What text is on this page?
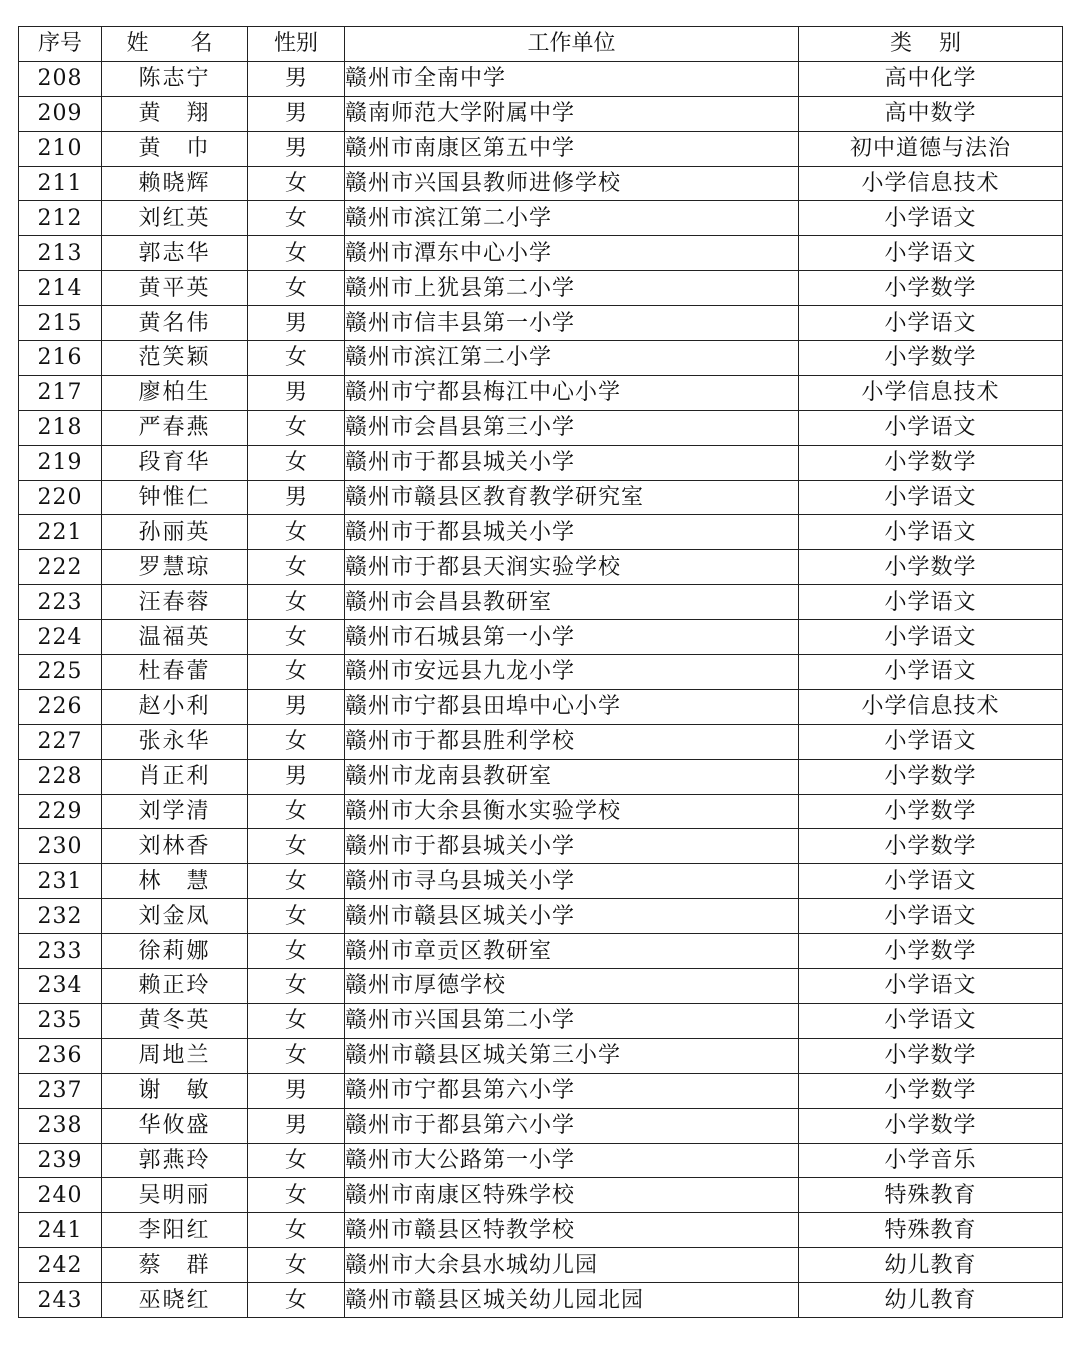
序号	姓　名	性别	工作单位	类 别
208	陈志宁	男	赣州市全南中学	高中化学
209	黄　翔	男	赣南师范大学附属中学	高中数学
210	黄　巾	男	赣州市南康区第五中学	初中道德与法治
211	赖晓辉	女	赣州市兴国县教师进修学校	小学信息技术
212	刘红英	女	赣州市滨江第二小学	小学语文
213	郭志华	女	赣州市潭东中心小学	小学语文
214	黄平英	女	赣州市上犹县第二小学	小学数学
215	黄名伟	男	赣州市信丰县第一小学	小学语文
216	范笑颖	女	赣州市滨江第二小学	小学数学
217	廖柏生	男	赣州市宁都县梅江中心小学	小学信息技术
218	严春燕	女	赣州市会昌县第三小学	小学语文
219	段育华	女	赣州市于都县城关小学	小学数学
220	钟惟仁	男	赣州市赣县区教育教学研究室	小学语文
221	孙丽英	女	赣州市于都县城关小学	小学语文
222	罗慧琼	女	赣州市于都县天润实验学校	小学数学
223	汪春蓉	女	赣州市会昌县教研室	小学语文
224	温福英	女	赣州市石城县第一小学	小学语文
225	杜春蕾	女	赣州市安远县九龙小学	小学语文
226	赵小利	男	赣州市宁都县田埠中心小学	小学信息技术
227	张永华	女	赣州市于都县胜利学校	小学语文
228	肖正利	男	赣州市龙南县教研室	小学数学
229	刘学清	女	赣州市大余县衡水实验学校	小学数学
230	刘林香	女	赣州市于都县城关小学	小学数学
231	林　慧	女	赣州市寻乌县城关小学	小学语文
232	刘金凤	女	赣州市赣县区城关小学	小学语文
233	徐莉娜	女	赣州市章贡区教研室	小学数学
234	赖正玲	女	赣州市厚德学校	小学语文
235	黄冬英	女	赣州市兴国县第二小学	小学语文
236	周地兰	女	赣州市赣县区城关第三小学	小学数学
237	谢　敏	男	赣州市宁都县第六小学	小学数学
238	华攸盛	男	赣州市于都县第六小学	小学数学
239	郭燕玲	女	赣州市大公路第一小学	小学音乐
240	吴明丽	女	赣州市南康区特殊学校	特殊教育
241	李阳红	女	赣州市赣县区特教学校	特殊教育
242	蔡　群	女	赣州市大余县水城幼儿园	幼儿教育
243	巫晓红	女	赣州市赣县区城关幼儿园北园	幼儿教育
